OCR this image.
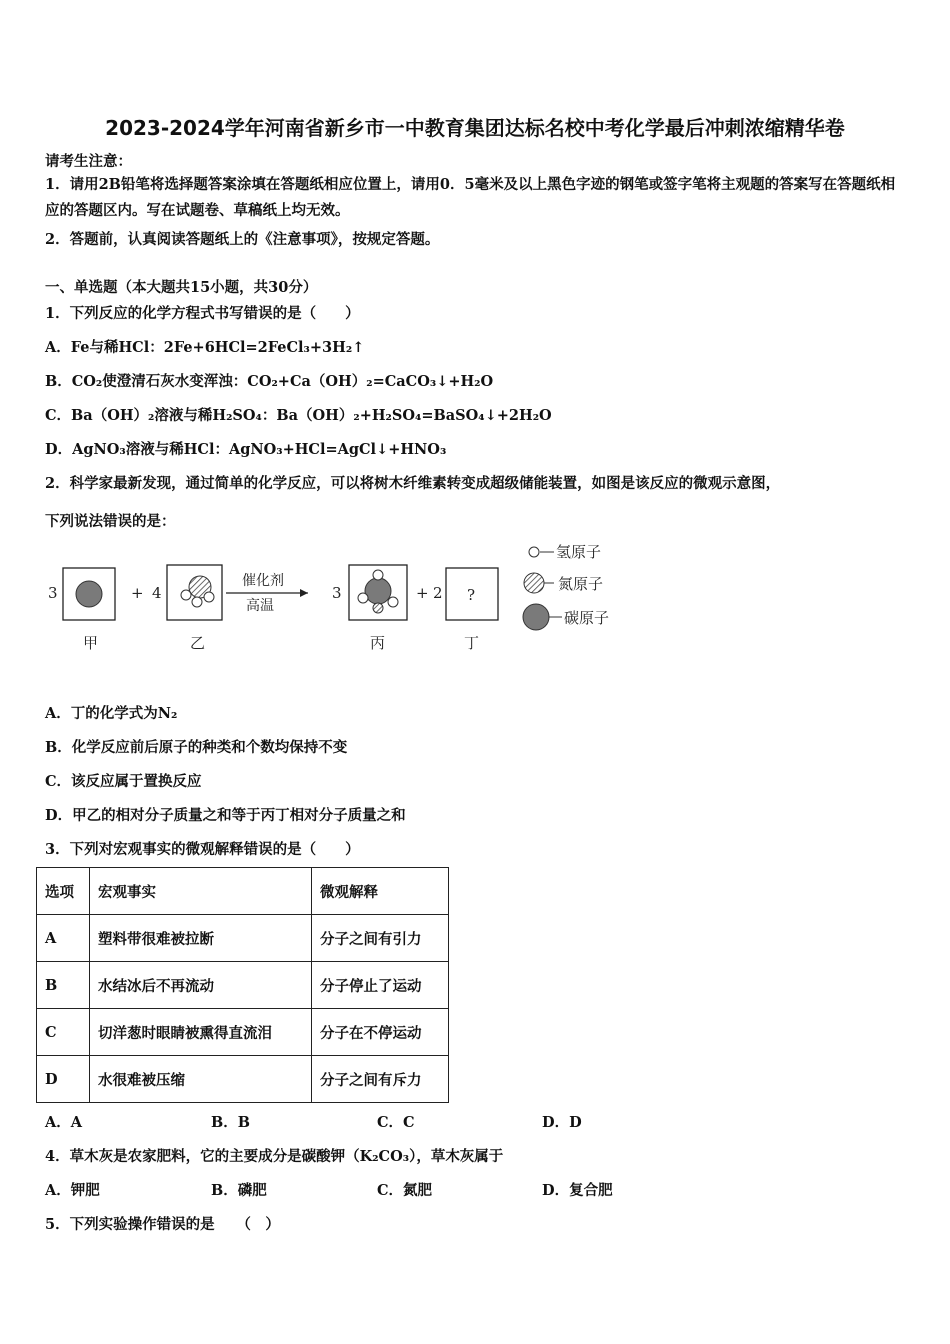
2023-2024学年河南省新乡市一中教育集团达标名校中考化学最后冲刺浓缩精华卷
请考生注意：
1．请用2B铅笔将选择题答案涂填在答题纸相应位置上，请用0．5毫米及以上黑色字迹的钢笔或签字笔将主观题的答案写在答题纸相应的答题区内。写在试题卷、草稿纸上均无效。
2．答题前，认真阅读答题纸上的《注意事项》，按规定答题。
一、单选题（本大题共15小题，共30分）
1．下列反应的化学方程式书写错误的是（　　）
A．Fe与稀HCl：2Fe+6HCl=2FeCl₃+3H₂↑
B．CO₂使澄清石灰水变浑浊：CO₂+Ca（OH）₂=CaCO₃↓+H₂O
C．Ba（OH）₂溶液与稀H₂SO₄：Ba（OH）₂+H₂SO₄=BaSO₄↓+2H₂O
D．AgNO₃溶液与稀HCl：AgNO₃+HCl=AgCl↓+HNO₃
2．科学家最新发现，通过简单的化学反应，可以将树木纤维素转变成超级储能装置，如图是该反应的微观示意图，
下列说法错误的是：
3	+ 4
催化剂
高温
3	+ 2 ?
甲	乙	丙	丁
氢原子
氮原子
碳原子
A．丁的化学式为N₂
B．化学反应前后原子的种类和个数均保持不变
C．该反应属于置换反应
D．甲乙的相对分子质量之和等于丙丁相对分子质量之和
3．下列对宏观事实的微观解释错误的是（　　）
选项	宏观事实	微观解释
A	塑料带很难被拉断	分子之间有引力
B	水结冰后不再流动	分子停止了运动
C	切洋葱时眼睛被熏得直流泪	分子在不停运动
D	水很难被压缩	分子之间有斥力
A．A	B．B	C．C	D．D
4．草木灰是农家肥料，它的主要成分是碳酸钾（K₂CO₃），草木灰属于
A．钾肥	B．磷肥	C．氮肥	D．复合肥
5．下列实验操作错误的是　　（　）
